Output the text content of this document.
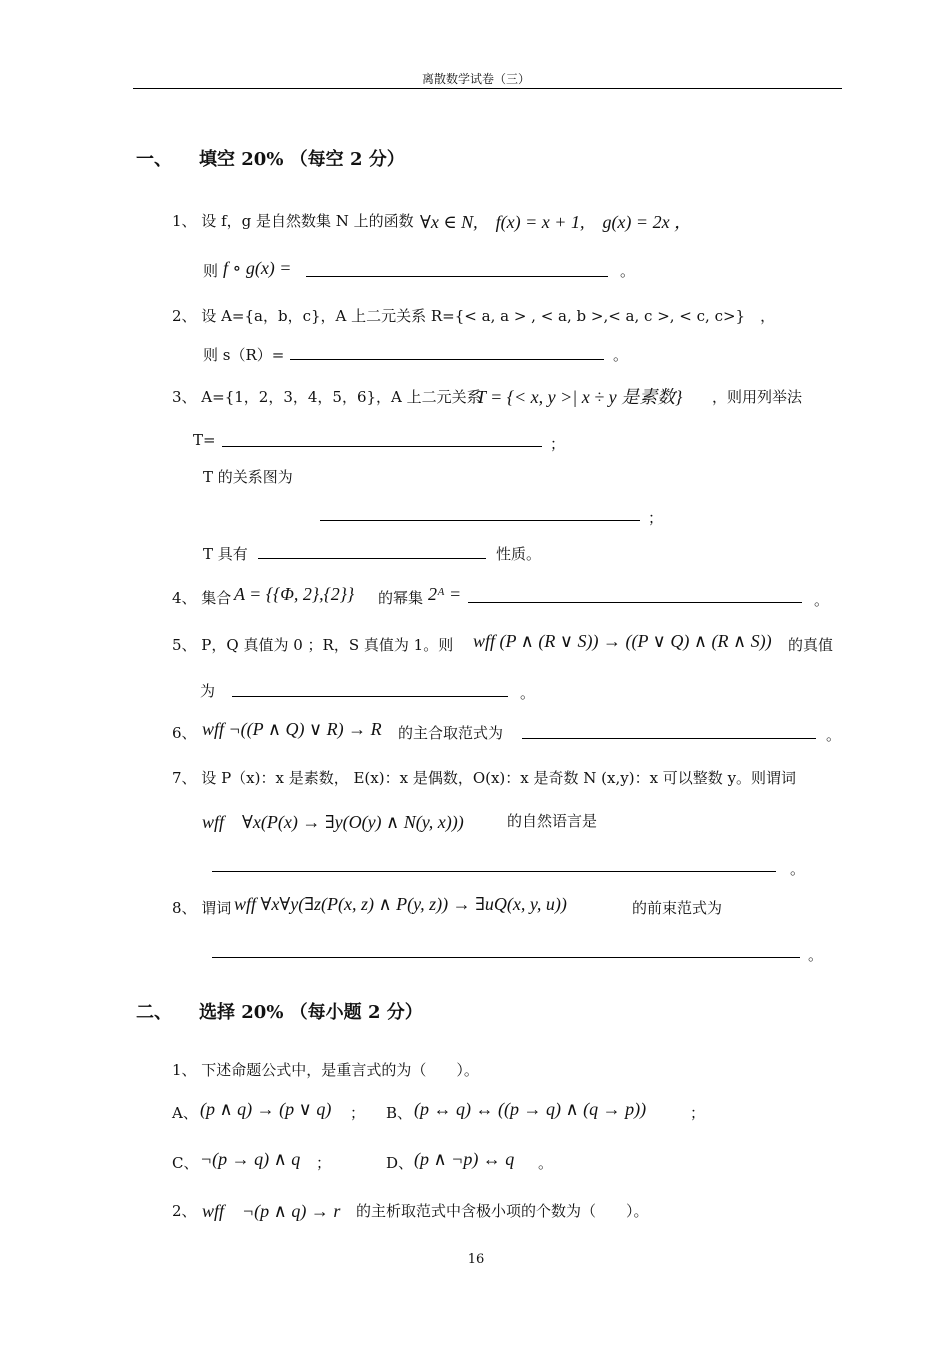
离散数学试卷（三）
一、　　填空 20% （每空 2 分）
1、 设 f，g 是自然数集 N 上的函数 ∀x ∈ N,　f(x) = x + 1,　g(x) = 2x ，
则 f ∘ g(x) =	。
2、 设 A={a，b，c}，A 上二元关系 R={< a, a > , < a, b >,< a, c >, < c, c>}　，
则 s（R）=	。
3、 A={1，2，3，4，5，6}，A 上二元关系
T = {< x, y >| x ÷ y 是素数} ，则用列举法
T=	；
T 的关系图为
；
T 具有	性质。
4、 集合 A = {{Φ, 2},{2}} 的幂集 2ᴬ =	。
5、 P，Q 真值为 0 ；R，S 真值为 1。则 wff (P ∧ (R ∨ S)) → ((P ∨ Q) ∧ (R ∧ S)) 的真值
为	。
6、 wff ¬((P ∧ Q) ∨ R) → R 的主合取范式为	。
7、 设 P（x)：x 是素数， E(x)：x 是偶数，O(x)：x 是奇数 N (x,y)：x 可以整数 y。则谓词
wff　∀x(P(x) → ∃y(O(y) ∧ N(y, x)))	的自然语言是
。
8、 谓词 wff ∀x∀y(∃z(P(x, z) ∧ P(y, z)) → ∃uQ(x, y, u))	的前束范式为
。
二、　　选择 20% （每小题 2 分）
1、 下述命题公式中，是重言式的为（　　）。
A、 (p ∧ q) → (p ∨ q) ； B、 (p ↔ q) ↔ ((p → q) ∧ (q → p))	；
C、 ¬(p → q) ∧ q ；	D、 (p ∧ ¬p) ↔ q 。
2、 wff　¬(p ∧ q) → r 的主析取范式中含极小项的个数为（　　）。
16
